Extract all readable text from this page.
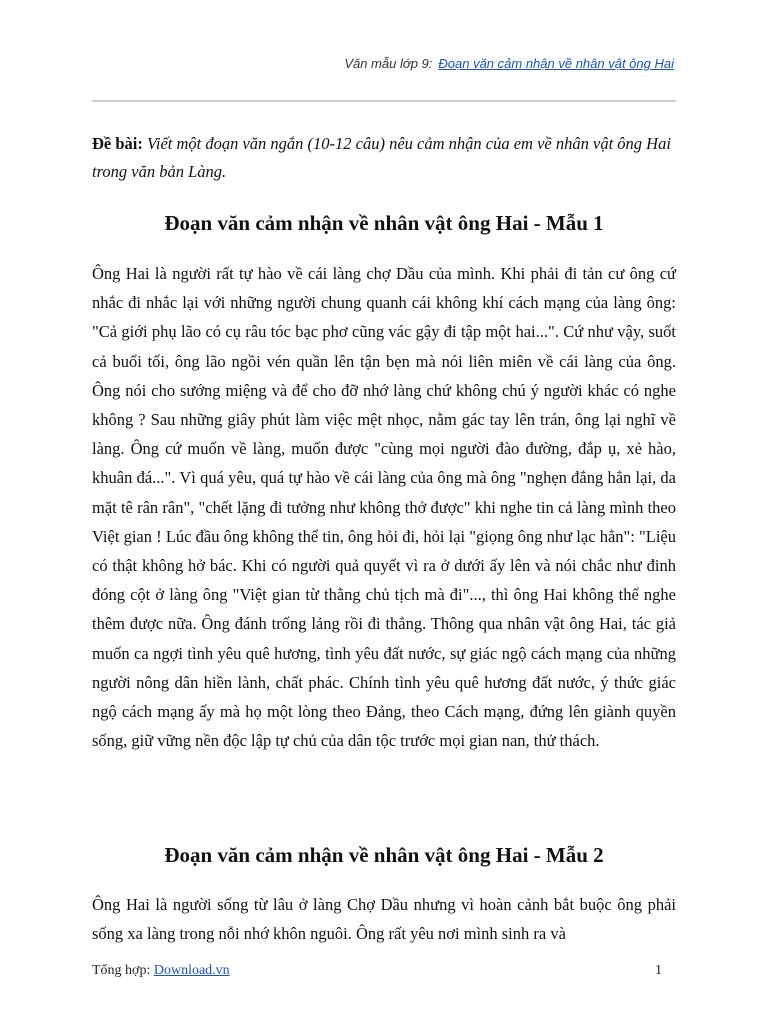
Văn mẫu lớp 9: Đoạn văn cảm nhận về nhân vật ông Hai
Đề bài: Viết một đoạn văn ngắn (10-12 câu) nêu cảm nhận của em về nhân vật ông Hai trong văn bản Làng.
Đoạn văn cảm nhận về nhân vật ông Hai - Mẫu 1

Ông Hai là người rất tự hào về cái làng chợ Dầu của mình. Khi phải đi tản cư ông cứ nhắc đi nhắc lại với những người chung quanh cái không khí cách mạng của làng ông: "Cả giới phụ lão có cụ râu tóc bạc phơ cũng vác gậy đi tập một hai...". Cứ như vậy, suốt cả buổi tối, ông lão ngồi vén quần lên tận bẹn mà nói liên miên về cái làng của ông. Ông nói cho sướng miệng và để cho đỡ nhớ làng chứ không chú ý người khác có nghe không ? Sau những giây phút làm việc mệt nhọc, nằm gác tay lên trán, ông lại nghĩ về làng. Ông cứ muốn về làng, muốn được "cùng mọi người đào đường, đắp ụ, xẻ hào, khuân đá...". Vì quá yêu, quá tự hào về cái làng của ông mà ông "nghẹn đắng hẳn lại, da mặt tê rân rân", "chết lặng đi tưởng như không thở được" khi nghe tin cả làng mình theo Việt gian ! Lúc đầu ông không thể tin, ông hỏi đi, hỏi lại "giọng ông như lạc hẳn": "Liệu có thật không hở bác. Khi có người quả quyết vì ra ở dưới ấy lên và nói chắc như đinh đóng cột ở làng ông "Việt gian từ thằng chủ tịch mà đi"..., thì ông Hai không thể nghe thêm được nữa. Ông đánh trống lảng rồi đi thẳng. Thông qua nhân vật ông Hai, tác giả muốn ca ngợi tình yêu quê hương, tình yêu đất nước, sự giác ngộ cách mạng của những người nông dân hiền lành, chất phác. Chính tình yêu quê hương đất nước, ý thức giác ngộ cách mạng ấy mà họ một lòng theo Đảng, theo Cách mạng, đứng lên giành quyền sống, giữ vững nền độc lập tự chủ của dân tộc trước mọi gian nan, thử thách.

Đoạn văn cảm nhận về nhân vật ông Hai - Mẫu 2

Ông Hai là người sống từ lâu ở làng Chợ Dầu nhưng vì hoàn cảnh bắt buộc ông phải sống xa làng trong nỗi nhớ khôn nguôi. Ông rất yêu nơi mình sinh ra và

Tổng hợp: Download.vn	1
